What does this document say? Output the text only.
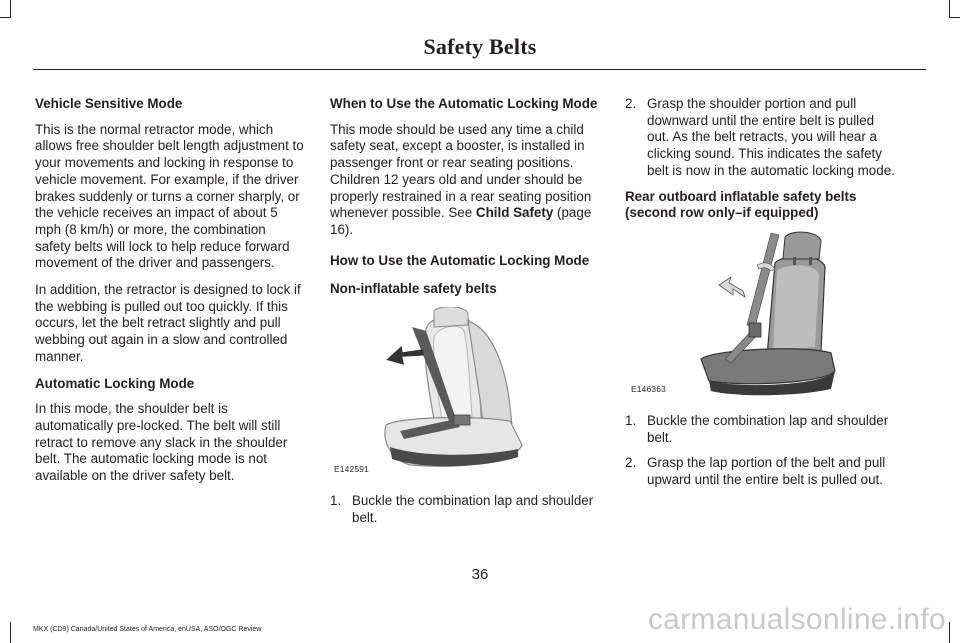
Safety Belts

Vehicle Sensitive Mode

This is the normal retractor mode, which allows free shoulder belt length adjustment to your movements and locking in response to vehicle movement. For example, if the driver brakes suddenly or turns a corner sharply, or the vehicle receives an impact of about 5 mph (8 km/h) or more, the combination safety belts will lock to help reduce forward movement of the driver and passengers.

In addition, the retractor is designed to lock if the webbing is pulled out too quickly. If this occurs, let the belt retract slightly and pull webbing out again in a slow and controlled manner.

Automatic Locking Mode

In this mode, the shoulder belt is automatically pre-locked. The belt will still retract to remove any slack in the shoulder belt. The automatic locking mode is not available on the driver safety belt.

When to Use the Automatic Locking Mode

This mode should be used any time a child safety seat, except a booster, is installed in passenger front or rear seating positions. Children 12 years old and under should be properly restrained in a rear seating position whenever possible. See Child Safety (page 16).

How to Use the Automatic Locking Mode

Non-inflatable safety belts

E142591
1. Buckle the combination lap and shoulder belt.
2. Grasp the shoulder portion and pull downward until the entire belt is pulled out. As the belt retracts, you will hear a clicking sound. This indicates the safety belt is now in the automatic locking mode.

Rear outboard inflatable safety belts (second row only–if equipped)

E146363
1. Buckle the combination lap and shoulder belt.
2. Grasp the lap portion of the belt and pull upward until the entire belt is pulled out.
36
MKX (CD9) Canada/United States of America, enUSA, ASO/OGC Review	carmanualsonline.info
